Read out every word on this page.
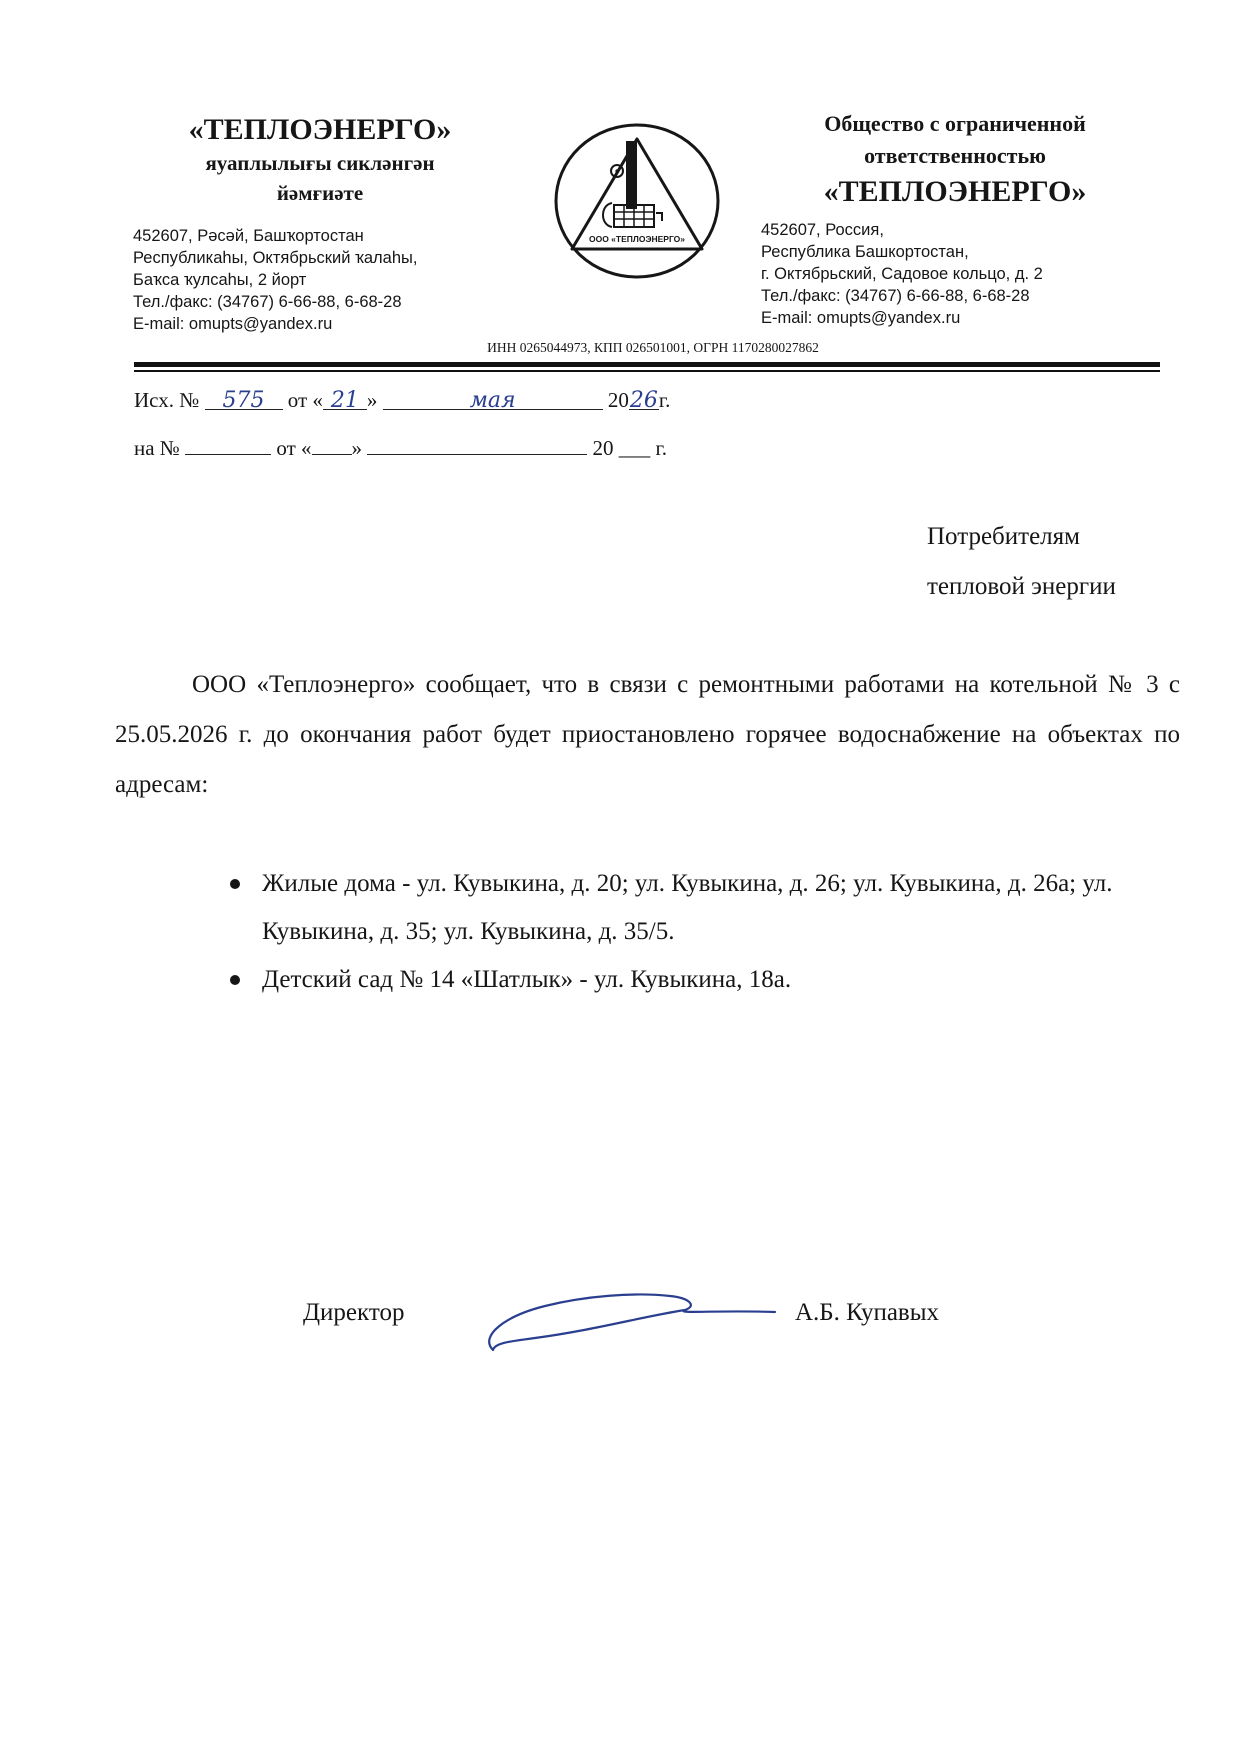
«ТЕПЛОЭНЕРГО»
яуаплылығы сикләнгән
йәмғиәте
452607, Рәсәй, Башҡортостан
Республикаһы, Октябрьский ҡалаһы,
Баҡса ҡулсаһы, 2 йорт
Тел./факс: (34767) 6-66-88, 6-68-28
E-mail: omupts@yandex.ru
ООО «ТЕПЛОЭНЕРГО»
Общество с ограниченной
ответственностью
«ТЕПЛОЭНЕРГО»
452607, Россия,
Республика Башкортостан,
г. Октябрьский, Садовое кольцо, д. 2
Тел./факс: (34767) 6-66-88, 6-68-28
E-mail: omupts@yandex.ru
ИНН 0265044973, КПП 026501001, ОГРН 1170280027862
Исх. № 575 от « 21 »	мая	2026г.
на №	от « »	20 ___ г.
Потребителям
тепловой энергии
ООО «Теплоэнерго» сообщает, что в связи с ремонтными работами на котельной № 3 с 25.05.2026 г. до окончания работ будет приостановлено горячее водоснабжение на объектах по адресам:
Жилые дома - ул. Кувыкина, д. 20; ул. Кувыкина, д. 26; ул. Кувыкина, д. 26а; ул. Кувыкина, д. 35; ул. Кувыкина, д. 35/5.
Детский сад № 14 «Шатлык» - ул. Кувыкина, 18а.
Директор	А.Б. Купавых
